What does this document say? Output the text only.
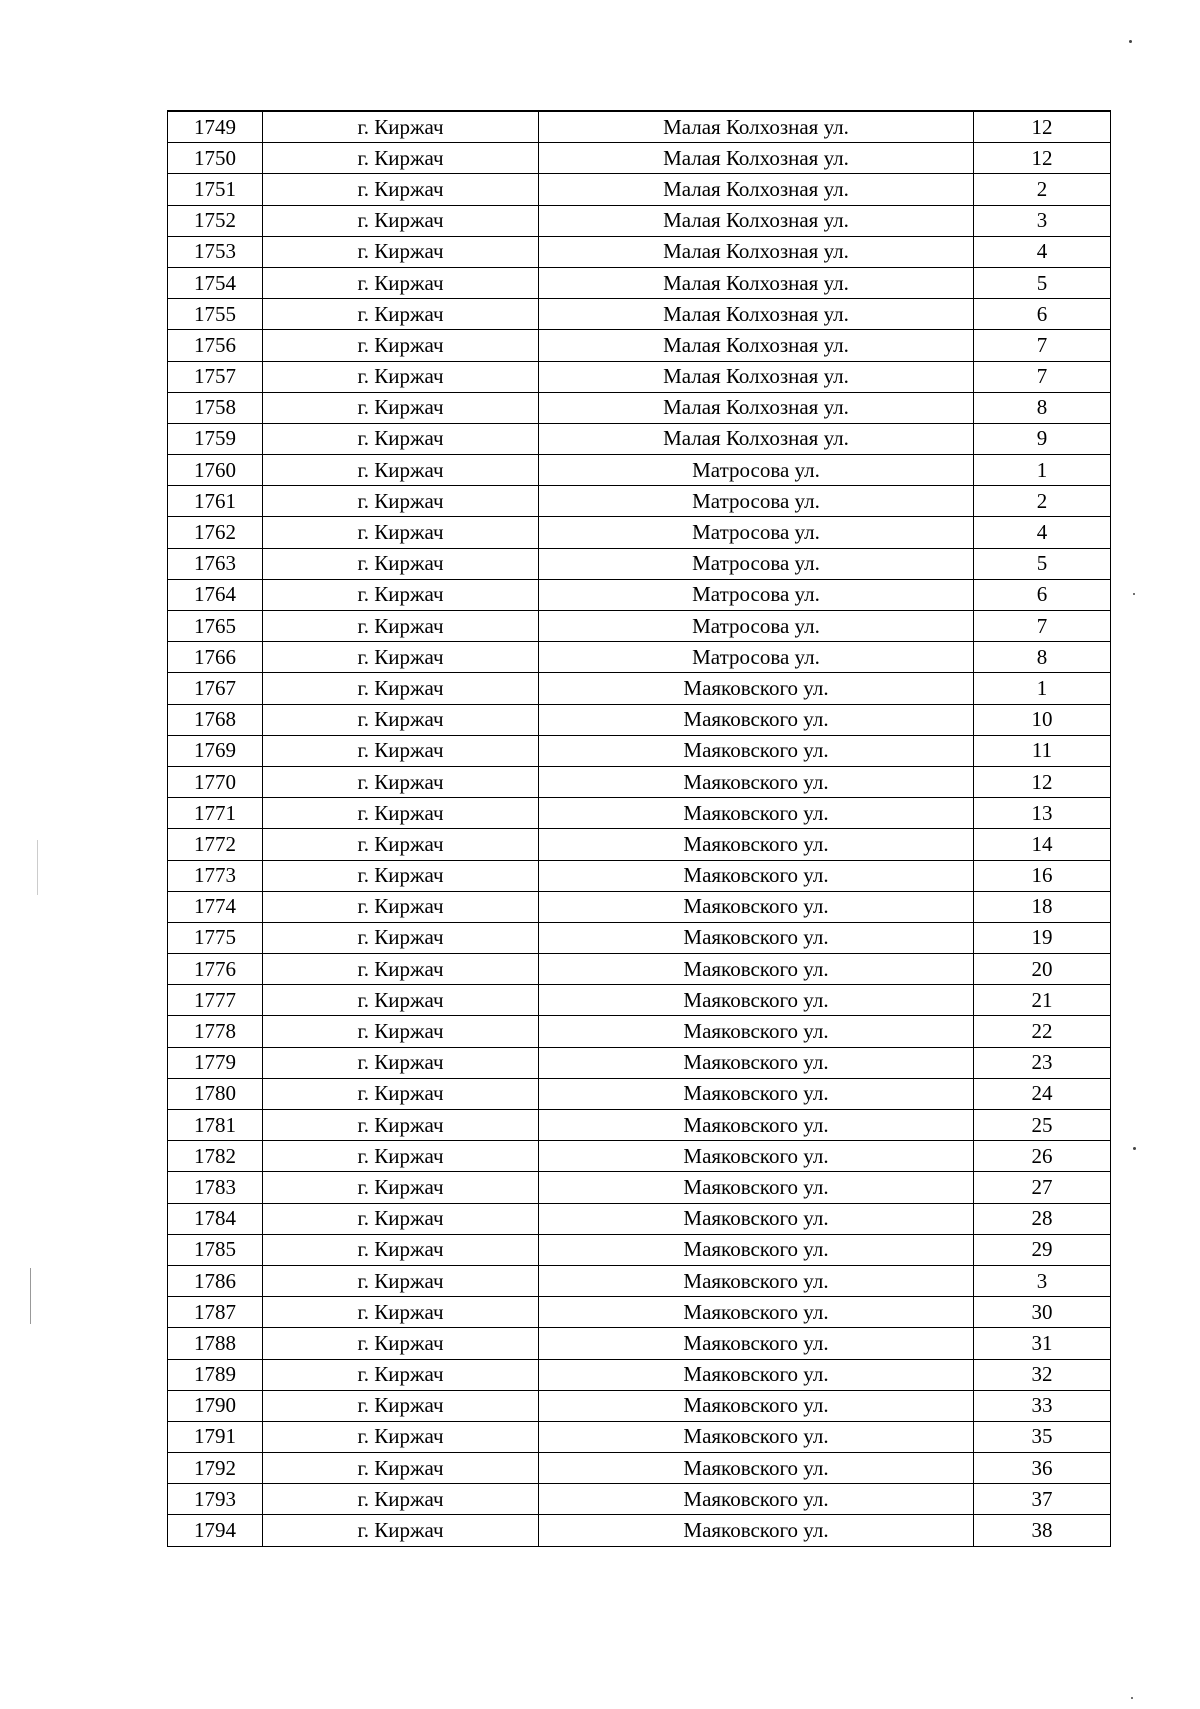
1749	г. Киржач	Малая Колхозная ул.	12
1750	г. Киржач	Малая Колхозная ул.	12
1751	г. Киржач	Малая Колхозная ул.	2
1752	г. Киржач	Малая Колхозная ул.	3
1753	г. Киржач	Малая Колхозная ул.	4
1754	г. Киржач	Малая Колхозная ул.	5
1755	г. Киржач	Малая Колхозная ул.	6
1756	г. Киржач	Малая Колхозная ул.	7
1757	г. Киржач	Малая Колхозная ул.	7
1758	г. Киржач	Малая Колхозная ул.	8
1759	г. Киржач	Малая Колхозная ул.	9
1760	г. Киржач	Матросова ул.	1
1761	г. Киржач	Матросова ул.	2
1762	г. Киржач	Матросова ул.	4
1763	г. Киржач	Матросова ул.	5
1764	г. Киржач	Матросова ул.	6
1765	г. Киржач	Матросова ул.	7
1766	г. Киржач	Матросова ул.	8
1767	г. Киржач	Маяковского ул.	1
1768	г. Киржач	Маяковского ул.	10
1769	г. Киржач	Маяковского ул.	11
1770	г. Киржач	Маяковского ул.	12
1771	г. Киржач	Маяковского ул.	13
1772	г. Киржач	Маяковского ул.	14
1773	г. Киржач	Маяковского ул.	16
1774	г. Киржач	Маяковского ул.	18
1775	г. Киржач	Маяковского ул.	19
1776	г. Киржач	Маяковского ул.	20
1777	г. Киржач	Маяковского ул.	21
1778	г. Киржач	Маяковского ул.	22
1779	г. Киржач	Маяковского ул.	23
1780	г. Киржач	Маяковского ул.	24
1781	г. Киржач	Маяковского ул.	25
1782	г. Киржач	Маяковского ул.	26
1783	г. Киржач	Маяковского ул.	27
1784	г. Киржач	Маяковского ул.	28
1785	г. Киржач	Маяковского ул.	29
1786	г. Киржач	Маяковского ул.	3
1787	г. Киржач	Маяковского ул.	30
1788	г. Киржач	Маяковского ул.	31
1789	г. Киржач	Маяковского ул.	32
1790	г. Киржач	Маяковского ул.	33
1791	г. Киржач	Маяковского ул.	35
1792	г. Киржач	Маяковского ул.	36
1793	г. Киржач	Маяковского ул.	37
1794	г. Киржач	Маяковского ул.	38
